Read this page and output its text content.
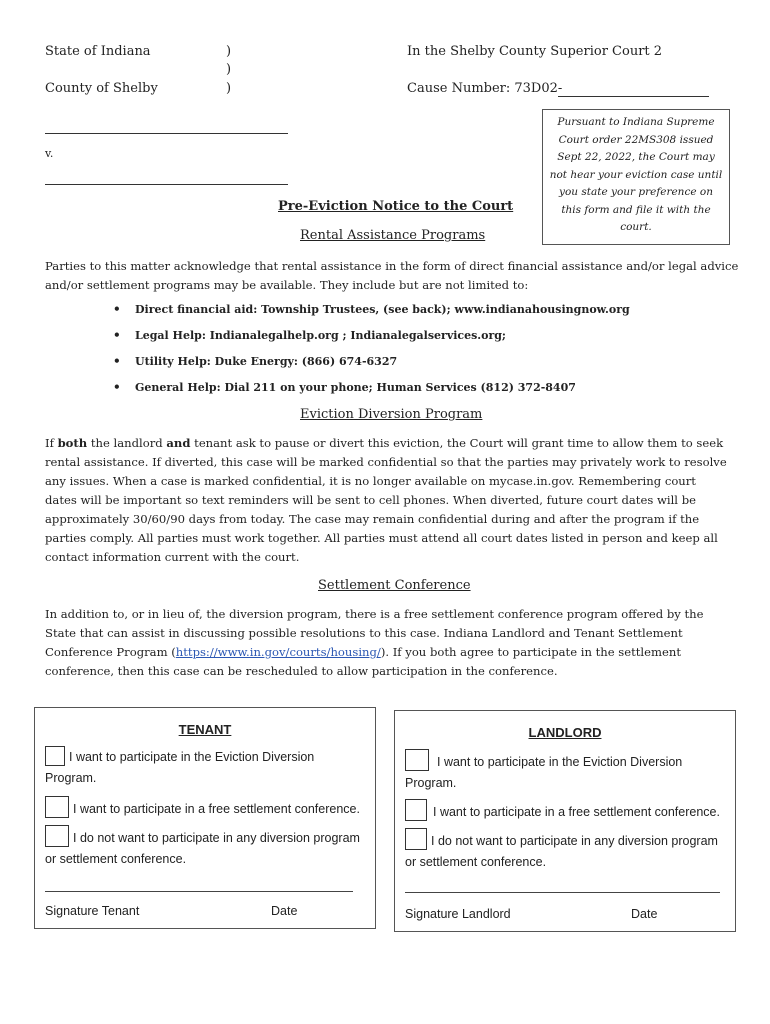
State of Indiana
County of Shelby
)
)
)
In the Shelby County Superior Court 2
Cause Number: 73D02-
v.
Pursuant to Indiana Supreme Court order 22MS308 issued Sept 22, 2022, the Court may not hear your eviction case until you state your preference on this form and file it with the court.
Pre-Eviction Notice to the Court
Rental Assistance Programs
Parties to this matter acknowledge that rental assistance in the form of direct financial assistance and/or legal advice and/or settlement programs may be available. They include but are not limited to:
• Direct financial aid: Township Trustees, (see back); www.indianahousingnow.org
• Legal Help: Indianalegalhelp.org ; Indianalegalservices.org;
• Utility Help: Duke Energy: (866) 674-6327
• General Help: Dial 211 on your phone; Human Services (812) 372-8407
Eviction Diversion Program
If both the landlord and tenant ask to pause or divert this eviction, the Court will grant time to allow them to seek rental assistance. If diverted, this case will be marked confidential so that the parties may privately work to resolve any issues. When a case is marked confidential, it is no longer available on mycase.in.gov. Remembering court dates will be important so text reminders will be sent to cell phones. When diverted, future court dates will be approximately 30/60/90 days from today. The case may remain confidential during and after the program if the parties comply. All parties must work together. All parties must attend all court dates listed in person and keep all contact information current with the court.
Settlement Conference
In addition to, or in lieu of, the diversion program, there is a free settlement conference program offered by the State that can assist in discussing possible resolutions to this case. Indiana Landlord and Tenant Settlement Conference Program (https://www.in.gov/courts/housing/). If you both agree to participate in the settlement conference, then this case can be rescheduled to allow participation in the conference.
TENANT
I want to participate in the Eviction Diversion Program.
I want to participate in a free settlement conference.
I do not want to participate in any diversion program or settlement conference.
Signature Tenant	Date
LANDLORD
I want to participate in the Eviction Diversion Program.
I want to participate in a free settlement conference.
I do not want to participate in any diversion program or settlement conference.
Signature Landlord	Date
